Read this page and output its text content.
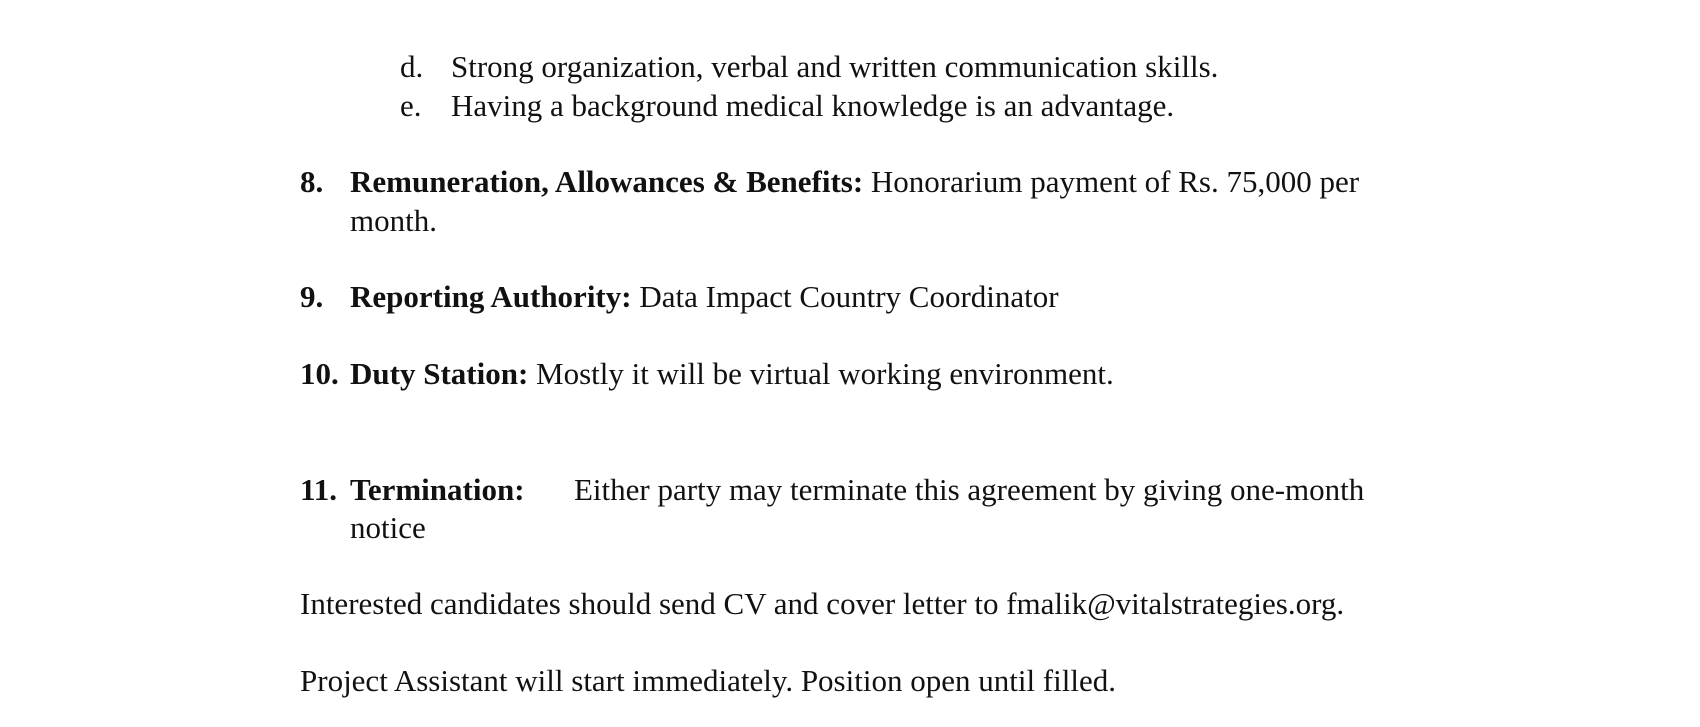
d. Strong organization, verbal and written communication skills.
e. Having a background medical knowledge is an advantage.
8. Remuneration, Allowances & Benefits: Honorarium payment of Rs. 75,000 per
month.
9. Reporting Authority: Data Impact Country Coordinator
10. Duty Station: Mostly it will be virtual working environment.
11. Termination: Either party may terminate this agreement by giving one-month
notice
Interested candidates should send CV and cover letter to fmalik@vitalstrategies.org.
Project Assistant will start immediately. Position open until filled.
